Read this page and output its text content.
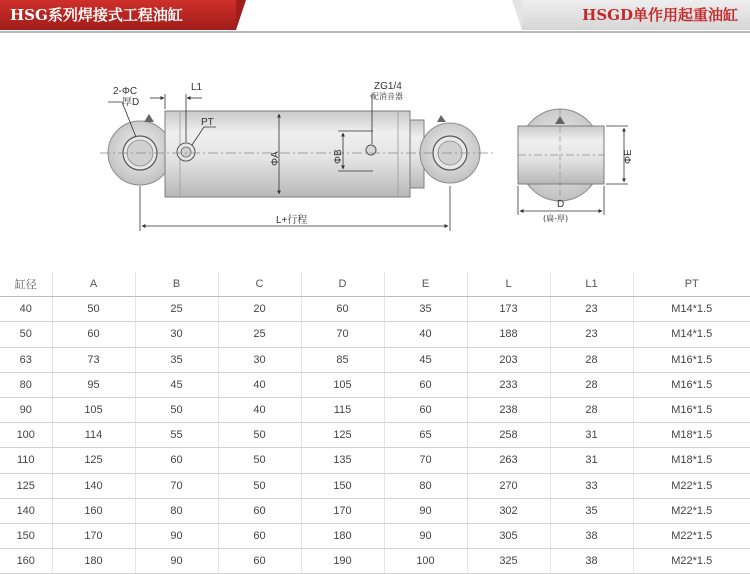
HSG系列焊接式工程油缸	HSGD单作用起重油缸
2-ΦC
厚D
L1
PT
ΦA	ΦB
ZG1/4
配消音器
L+行程
ΦE
D
(扁-厚)
缸径	A	B	C	D	E	L	L1	PT
40	50	25	20	60	35	173	23	M14*1.5
50	60	30	25	70	40	188	23	M14*1.5
63	73	35	30	85	45	203	28	M16*1.5
80	95	45	40	105	60	233	28	M16*1.5
90	105	50	40	115	60	238	28	M16*1.5
100	114	55	50	125	65	258	31	M18*1.5
110	125	60	50	135	70	263	31	M18*1.5
125	140	70	50	150	80	270	33	M22*1.5
140	160	80	60	170	90	302	35	M22*1.5
150	170	90	60	180	90	305	38	M22*1.5
160	180	90	60	190	100	325	38	M22*1.5
